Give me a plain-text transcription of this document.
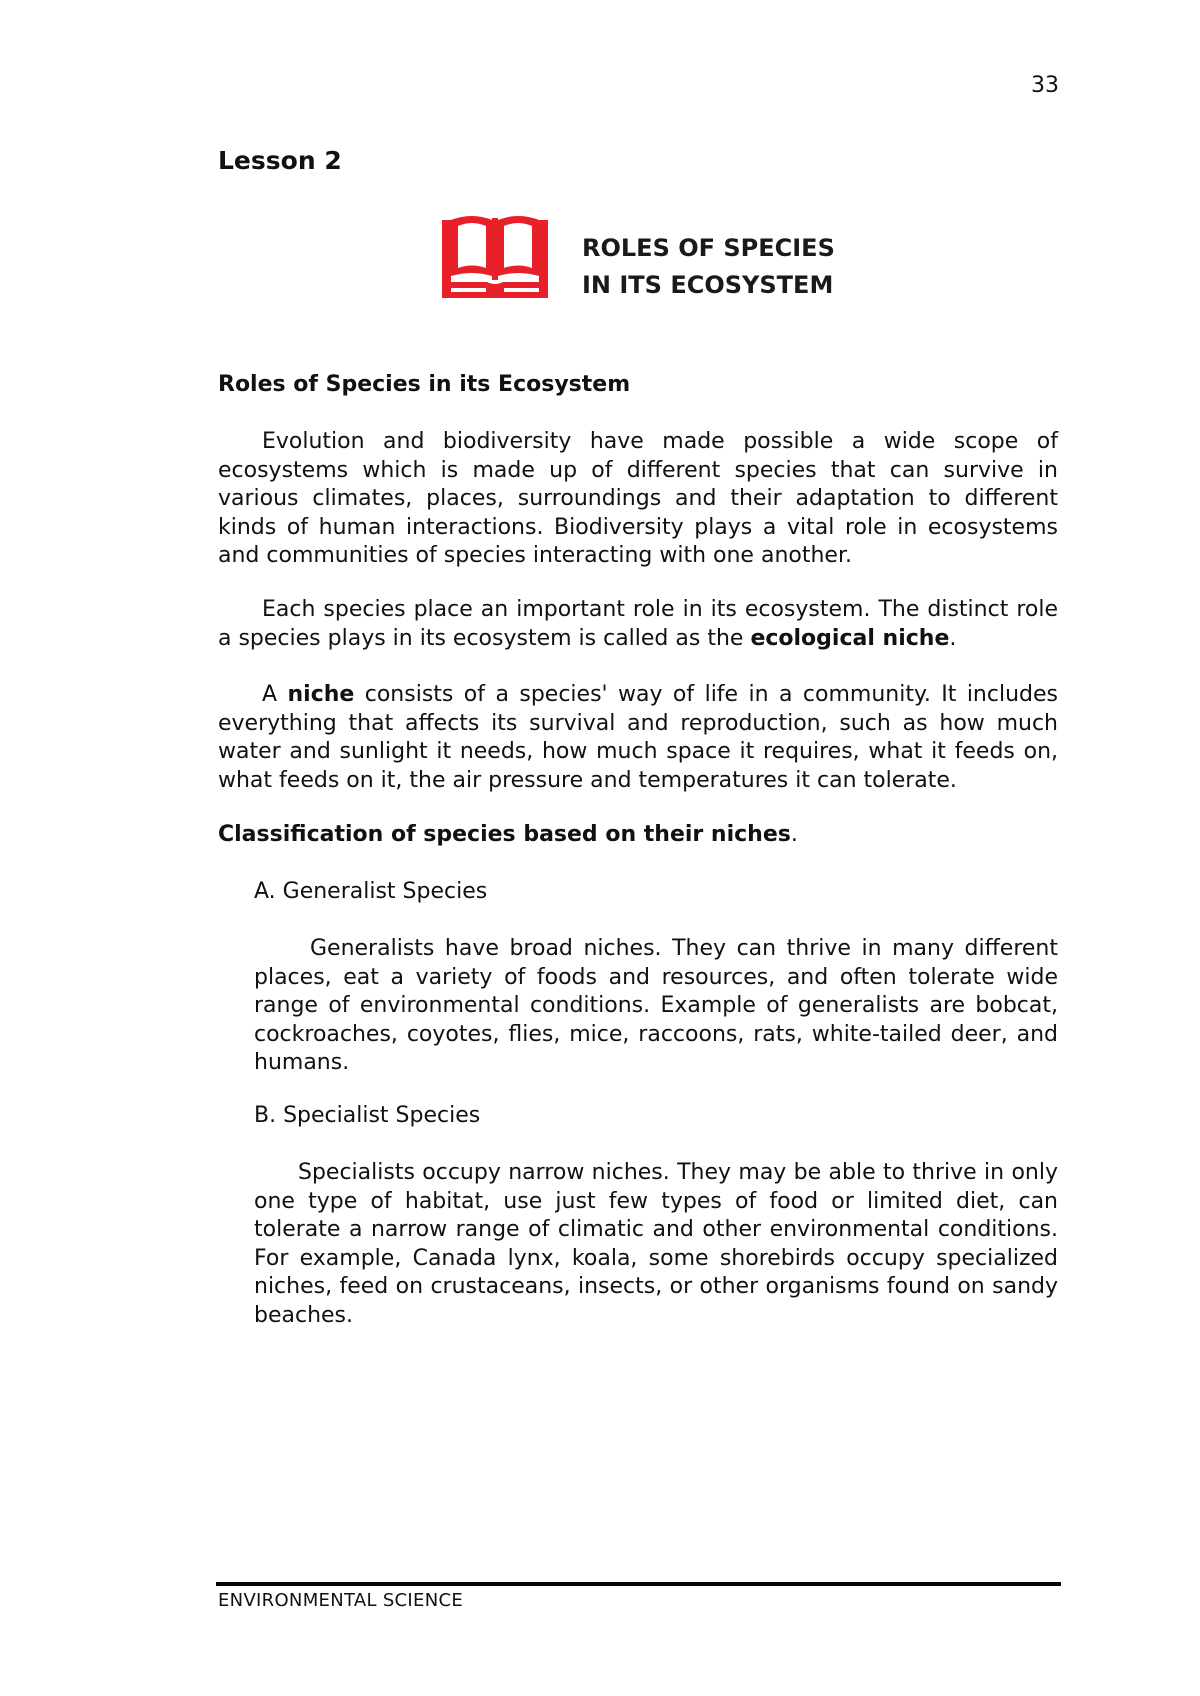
33
Lesson 2
ROLES OF SPECIES
IN ITS ECOSYSTEM
Roles of Species in its Ecosystem
Evolution and biodiversity have made possible a wide scope of ecosystems which is made up of different species that can survive in various climates, places, surroundings and their adaptation to different kinds of human interactions. Biodiversity plays a vital role in ecosystems and communities of species interacting with one another.
Each species place an important role in its ecosystem. The distinct role a species plays in its ecosystem is called as the ecological niche.
A niche consists of a species' way of life in a community. It includes everything that affects its survival and reproduction, such as how much water and sunlight it needs, how much space it requires, what it feeds on, what feeds on it, the air pressure and temperatures it can tolerate.
Classification of species based on their niches.
A. Generalist Species
Generalists have broad niches. They can thrive in many different places, eat a variety of foods and resources, and often tolerate wide range of environmental conditions. Example of generalists are bobcat, cockroaches, coyotes, flies, mice, raccoons, rats, white-tailed deer, and humans.
B. Specialist Species
Specialists occupy narrow niches. They may be able to thrive in only one type of habitat, use just few types of food or limited diet, can tolerate a narrow range of climatic and other environmental conditions. For example, Canada lynx, koala, some shorebirds occupy specialized niches, feed on crustaceans, insects, or other organisms found on sandy beaches.
ENVIRONMENTAL SCIENCE
